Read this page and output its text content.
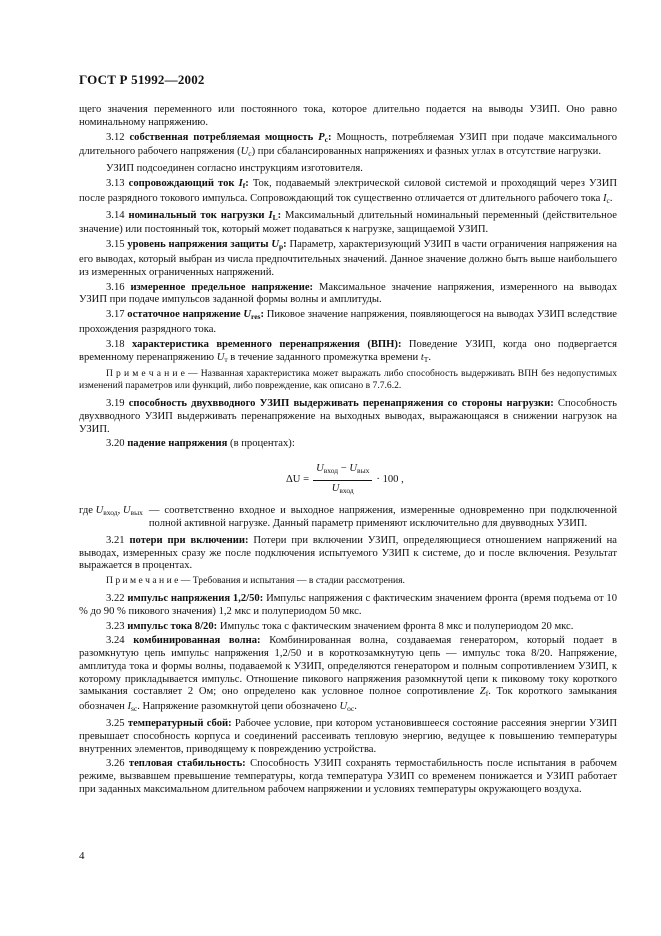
ГОСТ Р 51992—2002

щего значения переменного или постоянного тока, которое длительно подается на выводы УЗИП. Оно равно номинальному напряжению.

3.12 собственная потребляемая мощность $P_c$: Мощность, потребляемая УЗИП при подаче максимального длительного рабочего напряжения $(U_c)$ при сбалансированных напряжениях и фазных углах в отсутствие нагрузки.

УЗИП подсоединен согласно инструкциям изготовителя.

3.13 сопровождающий ток $I_f$: Ток, подаваемый электрической силовой системой и проходящий через УЗИП после разрядного токового импульса. Сопровождающий ток существенно отличается от длительного рабочего тока $I_c$.

3.14 номинальный ток нагрузки $I_L$: Максимальный длительный номинальный переменный (действительное значение) или постоянный ток, который может подаваться к нагрузке, защищаемой УЗИП.

3.15 уровень напряжения защиты $U_p$: Параметр, характеризующий УЗИП в части ограничения напряжения на его выводах, который выбран из числа предпочтительных значений. Данное значение должно быть выше наибольшего из измеренных ограниченных напряжений.

3.16 измеренное предельное напряжение: Максимальное значение напряжения, измеренного на выводах УЗИП при подаче импульсов заданной формы волны и амплитуды.

3.17 остаточное напряжение $U_{res}$: Пиковое значение напряжения, появляющегося на выводах УЗИП вследствие прохождения разрядного тока.

3.18 характеристика временного перенапряжения (ВПН): Поведение УЗИП, когда оно подвергается временному перенапряжению $U_т$ в течение заданного промежутка времени $t_T$.

П р и м е ч а н и е — Названная характеристика может выражать либо способность выдерживать ВПН без недопустимых изменений параметров или функций, либо повреждение, как описано в 7.7.6.2.

3.19 способность двухвводного УЗИП выдерживать перенапряжения со стороны нагрузки: Способность двухвводного УЗИП выдерживать перенапряжение на выходных выводах, выражающаяся в снижении нагрузок на УЗИП.

3.20 падение напряжения (в процентах):

$\Delta U = \frac{U_{вход} - U_{вых}}{U_{вход}} \cdot 100$ ,
где $U_{вход}$, $U_{вых}$ — соответственно входное и выходное напряжения, измеренные одновременно при подключенной полной активной нагрузке. Данный параметр применяют исключительно для двувводных УЗИП.

3.21 потери при включении: Потери при включении УЗИП, определяющиеся отношением напряжений на выводах, измеренных сразу же после подключения испытуемого УЗИП к системе, до и после включения. Результат выражается в процентах.

П р и м е ч а н и е — Требования и испытания — в стадии рассмотрения.

3.22 импульс напряжения 1,2/50: Импульс напряжения с фактическим значением фронта (время подъема от 10 % до 90 % пикового значения) 1,2 мкс и полупериодом 50 мкс.

3.23 импульс тока 8/20: Импульс тока с фактическим значением фронта 8 мкс и полупериодом 20 мкс.

3.24 комбинированная волна: Комбинированная волна, создаваемая генератором, который подает в разомкнутую цепь импульс напряжения 1,2/50 и в короткозамкнутую цепь — импульс тока 8/20. Напряжение, амплитуда тока и формы волны, подаваемой к УЗИП, определяются генератором и полным сопротивлением УЗИП, к которому прикладывается импульс. Отношение пикового напряжения разомкнутой цепи к пиковому току короткого замыкания составляет 2 Ом; оно определено как условное полное сопротивление $Z_f$. Ток короткого замыкания обозначен $I_{sc}$. Напряжение разомкнутой цепи обозначено $U_{oc}$.

3.25 температурный сбой: Рабочее условие, при котором установившееся состояние рассеяния энергии УЗИП превышает способность корпуса и соединений рассеивать тепловую энергию, ведущее к повышению температуры внутренних элементов, приводящему к повреждению устройства.

3.26 тепловая стабильность: Способность УЗИП сохранять термостабильность после испытания в рабочем режиме, вызвавшем превышение температуры, когда температура УЗИП со временем понижается и УЗИП работает при заданных максимальном длительном рабочем напряжении и условиях температуры окружающего воздуха.

4
